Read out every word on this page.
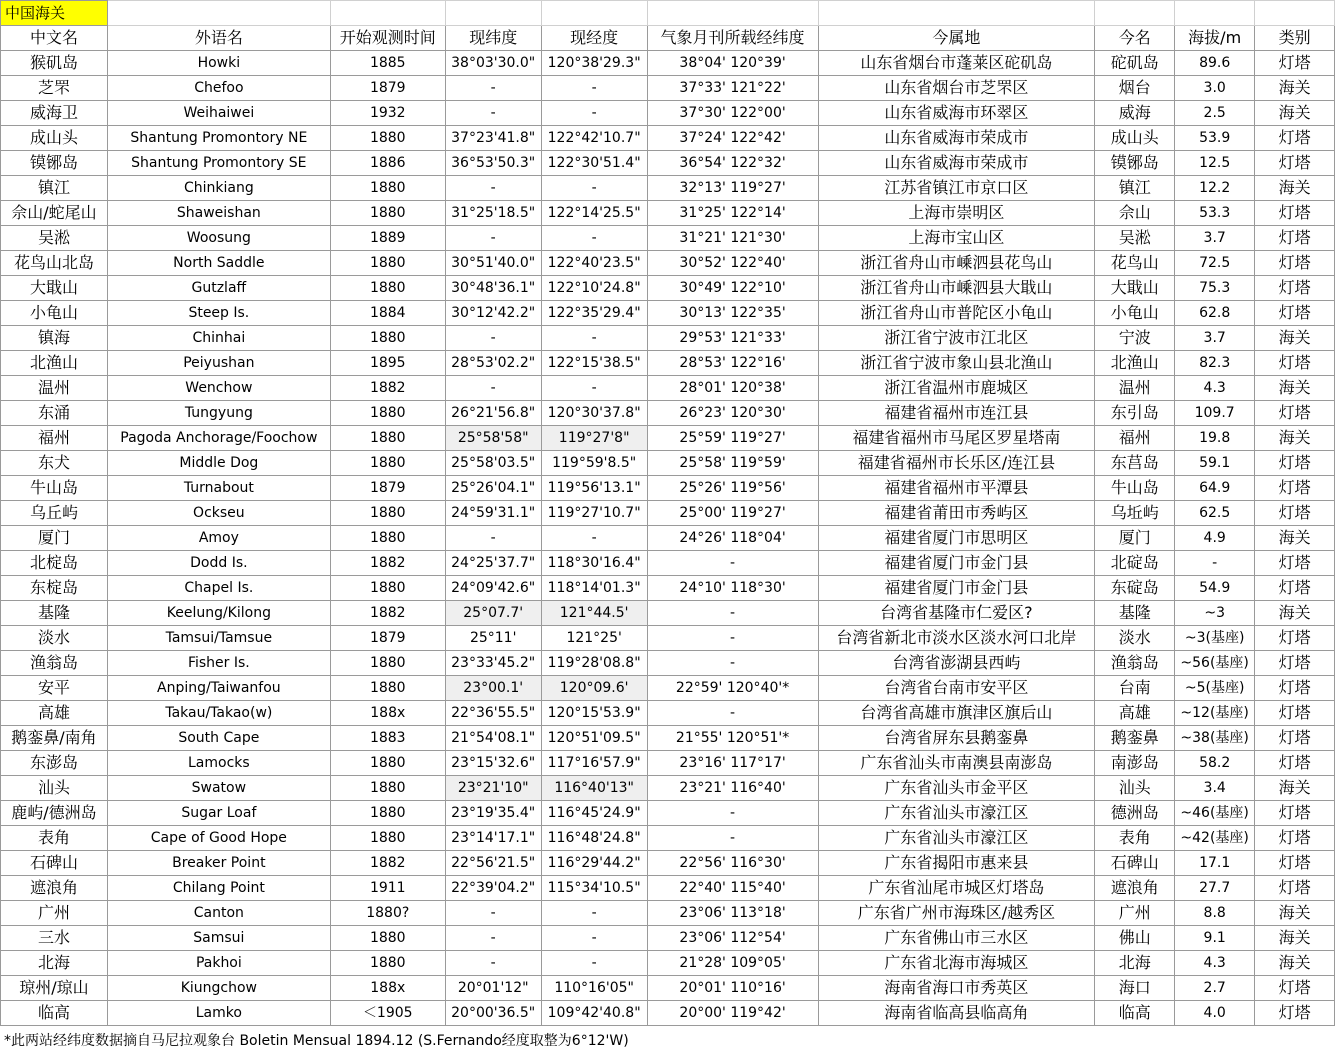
中国海关									
中文名	外语名	开始观测时间	现纬度	现经度	气象月刊所载经纬度	今属地	今名	海拔/m	类别
猴矶岛	Howki	1885	38°03'30.0"	120°38'29.3"	38°04' 120°39'	山东省烟台市蓬莱区砣矶岛	砣矶岛	89.6	灯塔
芝罘	Chefoo	1879	-	-	37°33' 121°22'	山东省烟台市芝罘区	烟台	3.0	海关
威海卫	Weihaiwei	1932	-	-	37°30' 122°00'	山东省威海市环翠区	威海	2.5	海关
成山头	Shantung Promontory NE	1880	37°23'41.8"	122°42'10.7"	37°24' 122°42'	山东省威海市荣成市	成山头	53.9	灯塔
镆铘岛	Shantung Promontory SE	1886	36°53'50.3"	122°30'51.4"	36°54' 122°32'	山东省威海市荣成市	镆铘岛	12.5	灯塔
镇江	Chinkiang	1880	-	-	32°13' 119°27'	江苏省镇江市京口区	镇江	12.2	海关
佘山/蛇尾山	Shaweishan	1880	31°25'18.5"	122°14'25.5"	31°25' 122°14'	上海市崇明区	佘山	53.3	灯塔
吴淞	Woosung	1889	-	-	31°21' 121°30'	上海市宝山区	吴淞	3.7	灯塔
花鸟山北岛	North Saddle	1880	30°51'40.0"	122°40'23.5"	30°52' 122°40'	浙江省舟山市嵊泗县花鸟山	花鸟山	72.5	灯塔
大戢山	Gutzlaff	1880	30°48'36.1"	122°10'24.8"	30°49' 122°10'	浙江省舟山市嵊泗县大戢山	大戢山	75.3	灯塔
小龟山	Steep Is.	1884	30°12'42.2"	122°35'29.4"	30°13' 122°35'	浙江省舟山市普陀区小龟山	小龟山	62.8	灯塔
镇海	Chinhai	1880	-	-	29°53' 121°33'	浙江省宁波市江北区	宁波	3.7	海关
北渔山	Peiyushan	1895	28°53'02.2"	122°15'38.5"	28°53' 122°16'	浙江省宁波市象山县北渔山	北渔山	82.3	灯塔
温州	Wenchow	1882	-	-	28°01' 120°38'	浙江省温州市鹿城区	温州	4.3	海关
东涌	Tungyung	1880	26°21'56.8"	120°30'37.8"	26°23' 120°30'	福建省福州市连江县	东引岛	109.7	灯塔
福州	Pagoda Anchorage/Foochow	1880	25°58'58"	119°27'8"	25°59' 119°27'	福建省福州市马尾区罗星塔南	福州	19.8	海关
东犬	Middle Dog	1880	25°58'03.5"	119°59'8.5"	25°58' 119°59'	福建省福州市长乐区/连江县	东莒岛	59.1	灯塔
牛山岛	Turnabout	1879	25°26'04.1"	119°56'13.1"	25°26' 119°56'	福建省福州市平潭县	牛山岛	64.9	灯塔
乌丘屿	Ockseu	1880	24°59'31.1"	119°27'10.7"	25°00' 119°27'	福建省莆田市秀屿区	乌坵屿	62.5	灯塔
厦门	Amoy	1880	-	-	24°26' 118°04'	福建省厦门市思明区	厦门	4.9	海关
北椗岛	Dodd Is.	1882	24°25'37.7"	118°30'16.4"	-	福建省厦门市金门县	北碇岛	-	灯塔
东椗岛	Chapel Is.	1880	24°09'42.6"	118°14'01.3"	24°10' 118°30'	福建省厦门市金门县	东碇岛	54.9	灯塔
基隆	Keelung/Kilong	1882	25°07.7'	121°44.5'	-	台湾省基隆市仁爱区?	基隆	~3	海关
淡水	Tamsui/Tamsue	1879	25°11'	121°25'	-	台湾省新北市淡水区淡水河口北岸	淡水	~3(基座)	灯塔
渔翁岛	Fisher Is.	1880	23°33'45.2"	119°28'08.8"	-	台湾省澎湖县西屿	渔翁岛	~56(基座)	灯塔
安平	Anping/Taiwanfou	1880	23°00.1'	120°09.6'	22°59' 120°40'*	台湾省台南市安平区	台南	~5(基座)	灯塔
高雄	Takau/Takao(w)	188x	22°36'55.5"	120°15'53.9"	-	台湾省高雄市旗津区旗后山	高雄	~12(基座)	灯塔
鹅銮鼻/南角	South Cape	1883	21°54'08.1"	120°51'09.5"	21°55' 120°51'*	台湾省屏东县鹅銮鼻	鹅銮鼻	~38(基座)	灯塔
东澎岛	Lamocks	1880	23°15'32.6"	117°16'57.9"	23°16' 117°17'	广东省汕头市南澳县南澎岛	南澎岛	58.2	灯塔
汕头	Swatow	1880	23°21'10"	116°40'13"	23°21' 116°40'	广东省汕头市金平区	汕头	3.4	海关
鹿屿/德洲岛	Sugar Loaf	1880	23°19'35.4"	116°45'24.9"	-	广东省汕头市濠江区	德洲岛	~46(基座)	灯塔
表角	Cape of Good Hope	1880	23°14'17.1"	116°48'24.8"	-	广东省汕头市濠江区	表角	~42(基座)	灯塔
石碑山	Breaker Point	1882	22°56'21.5"	116°29'44.2"	22°56' 116°30'	广东省揭阳市惠来县	石碑山	17.1	灯塔
遮浪角	Chilang Point	1911	22°39'04.2"	115°34'10.5"	22°40' 115°40'	广东省汕尾市城区灯塔岛	遮浪角	27.7	灯塔
广州	Canton	1880?	-	-	23°06' 113°18'	广东省广州市海珠区/越秀区	广州	8.8	海关
三水	Samsui	1880	-	-	23°06' 112°54'	广东省佛山市三水区	佛山	9.1	海关
北海	Pakhoi	1880	-	-	21°28' 109°05'	广东省北海市海城区	北海	4.3	海关
琼州/琼山	Kiungchow	188x	20°01'12"	110°16'05"	20°01' 110°16'	海南省海口市秀英区	海口	2.7	灯塔
临高	Lamko	＜1905	20°00'36.5"	109°42'40.8"	20°00' 119°42'	海南省临高县临高角	临高	4.0	灯塔
*此两站经纬度数据摘自马尼拉观象台 Boletin Mensual 1894.12 (S.Fernando经度取整为6°12'W)
